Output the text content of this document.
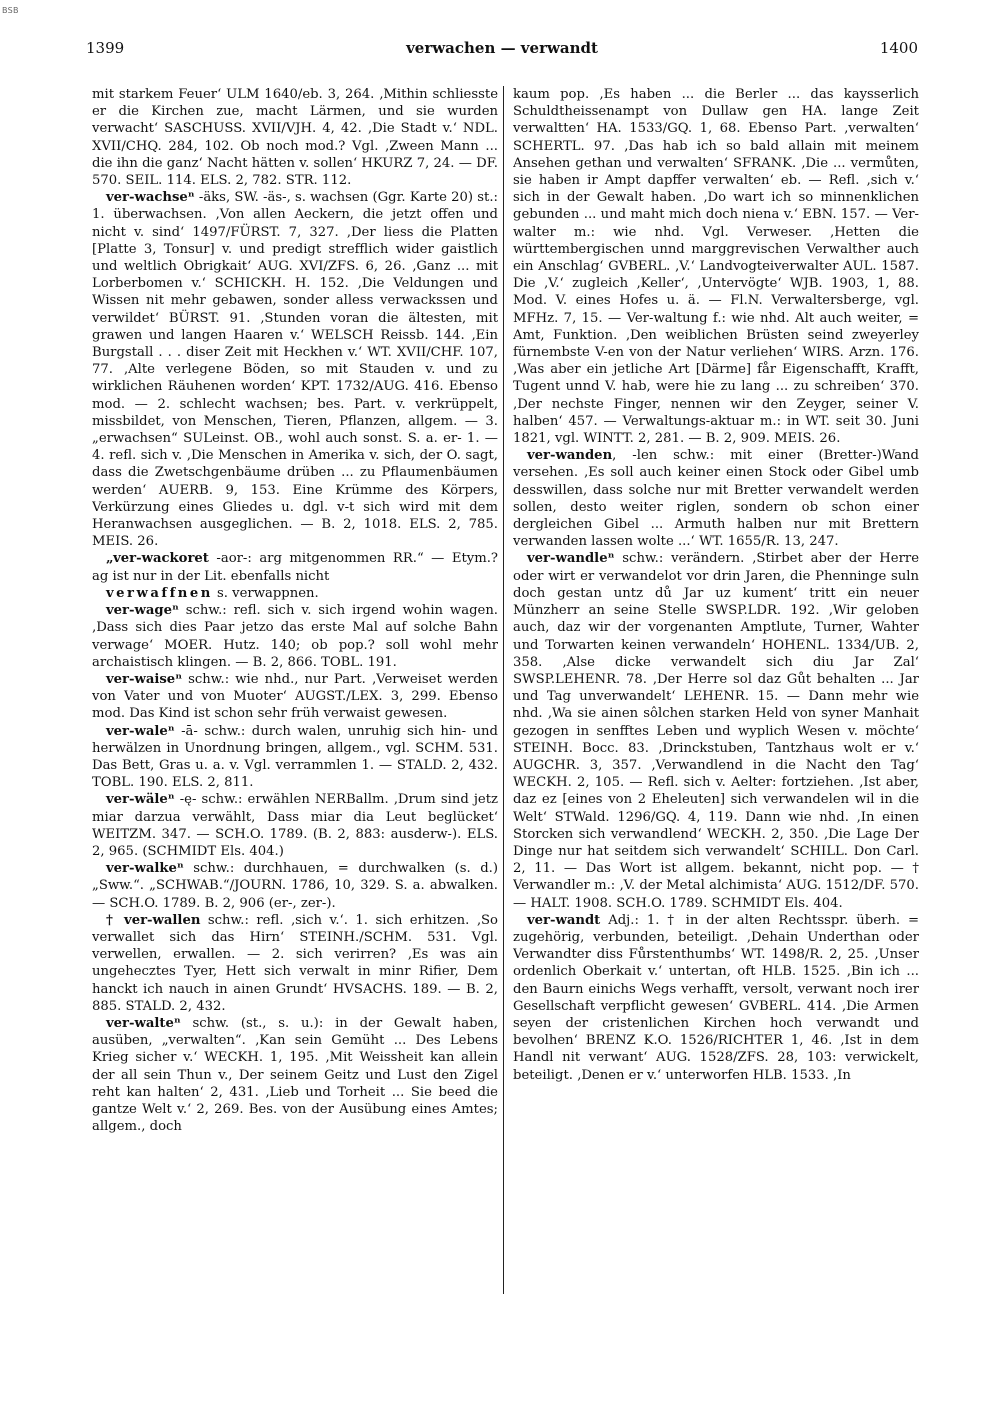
BSB
1399	verwachen — verwandt	1400

mit starkem Feuer‘ ULM 1640/eb. 3, 264. ‚Mithin schliesste er die Kirchen zue, macht Lärmen, und sie wurden verwacht‘ SASCHUSS. XVII/VJH. 4, 42. ‚Die Stadt v.‘ NDL. XVII/CHQ. 284, 102. Ob noch mod.? Vgl. ‚Zween Mann ... die ihn die ganz‘ Nacht hätten v. sollen‘ HKURZ 7, 24. — DF. 570. SEIL. 114. ELS. 2, 782. STR. 112.

ver-wachseⁿ -äks, SW. -äs-, s. wachsen (Ggr. Karte 20) st.: 1. überwachsen. ‚Von allen Aeckern, die jetzt offen und nicht v. sind‘ 1497/FÜRST. 7, 327. ‚Der liess die Platten [Platte 3, Tonsur] v. und predigt strefflich wider gaistlich und weltlich Obrigkait‘ AUG. XVI/ZFS. 6, 26. ‚Ganz ... mit Lorberbomen v.‘ SCHICKH. H. 152. ‚Die Veldungen und Wissen nit mehr gebawen, sonder alless verwackssen und verwildet‘ BÜRST. 91. ‚Stunden voran die ältesten, mit grawen und langen Haaren v.‘ WELSCH Reissb. 144. ‚Ein Burgstall . . . diser Zeit mit Heckhen v.‘ WT. XVII/CHF. 107, 77. ‚Alte verlegene Böden, so mit Stauden v. und zu wirklichen Räuhenen worden‘ KPT. 1732/AUG. 416. Ebenso mod. — 2. schlecht wachsen; bes. Part. v. verkrüppelt, missbildet, von Menschen, Tieren, Pflanzen, allgem. — 3. „erwachsen“ SULeinst. OB., wohl auch sonst. S. a. er- 1. — 4. refl. sich v. ‚Die Menschen in Amerika v. sich, der O. sagt, dass die Zwetschgenbäume drüben ... zu Pflaumenbäumen werden‘ AUERB. 9, 153. Eine Krümme des Körpers, Verkürzung eines Gliedes u. dgl. v-t sich wird mit dem Heranwachsen ausgeglichen. — B. 2, 1018. ELS. 2, 785. MEIS. 26.

„ver-wackoret -aor-: arg mitgenommen RR.“ — Etym.? ag ist nur in der Lit. ebenfalls nicht

verwaffnen s. verwappnen.

ver-wageⁿ schw.: refl. sich v. sich irgend wohin wagen. ‚Dass sich dies Paar jetzo das erste Mal auf solche Bahn verwage‘ MOER. Hutz. 140; ob pop.? soll wohl mehr archaistisch klingen. — B. 2, 866. TOBL. 191.

ver-waiseⁿ schw.: wie nhd., nur Part. ‚Verweiset werden von Vater und von Muoter‘ AUGST./LEX. 3, 299. Ebenso mod. Das Kind ist schon sehr früh verwaist gewesen.

ver-waleⁿ -ā- schw.: durch walen, unruhig sich hin- und herwälzen in Unordnung bringen, allgem., vgl. SCHM. 531. Das Bett, Gras u. a. v. Vgl. verrammlen 1. — STALD. 2, 432. TOBL. 190. ELS. 2, 811.

ver-wäleⁿ -ę- schw.: erwählen NERBallm. ‚Drum sind jetz miar darzua verwählt, Dass miar dia Leut beglücket‘ WEITZM. 347. — SCH.O. 1789. (B. 2, 883: ausderw-). ELS. 2, 965. (SCHMIDT Els. 404.)

ver-walkeⁿ schw.: durchhauen, = durchwalken (s. d.) „Sww.“. „SCHWAB.“/JOURN. 1786, 10, 329. S. a. abwalken. — SCH.O. 1789. B. 2, 906 (er-, zer-).

† ver-wallen schw.: refl. ‚sich v.‘. 1. sich erhitzen. ‚So verwallet sich das Hirn‘ STEINH./SCHM. 531. Vgl. verwellen, erwallen. — 2. sich verirren? ‚Es was ain ungehecztes Tyer, Hett sich verwalt in minr Rifier, Dem hanckt ich nauch in ainen Grundt‘ HVSACHS. 189. — B. 2, 885. STALD. 2, 432.

ver-walteⁿ schw. (st., s. u.): in der Gewalt haben, ausüben, „verwalten“. ‚Kan sein Gemüht ... Des Lebens Krieg sicher v.‘ WECKH. 1, 195. ‚Mit Weissheit kan allein der all sein Thun v., Der seinem Geitz und Lust den Zigel reht kan halten‘ 2, 431. ‚Lieb und Torheit ... Sie beed die gantze Welt v.‘ 2, 269. Bes. von der Ausübung eines Amtes; allgem., doch

kaum pop. ‚Es haben ... die Berler ... das kaysserlich Schuldtheissenampt von Dullaw gen HA. lange Zeit verwaltten‘ HA. 1533/GQ. 1, 68. Ebenso Part. ‚verwalten‘ SCHERTL. 97. ‚Das hab ich so bald allain mit meinem Ansehen gethan und verwalten‘ SFRANK. ‚Die ... vermůten, sie haben ir Ampt dapffer verwalten‘ eb. — Refl. ‚sich v.‘ sich in der Gewalt haben. ‚Do wart ich so minnenklichen gebunden ... und maht mich doch niena v.‘ EBN. 157. — Ver-walter m.: wie nhd. Vgl. Verweser. ‚Hetten die württembergischen unnd marggrevischen Verwalther auch ein Anschlag‘ GVBERL. ‚V.‘ Landvogteiverwalter AUL. 1587. Die ‚V.‘ zugleich ‚Keller‘, ‚Untervögte‘ WJB. 1903, 1, 88. Mod. V. eines Hofes u. ä. — Fl.N. Verwaltersberge, vgl. MFHz. 7, 15. — Ver-waltung f.: wie nhd. Alt auch weiter, = Amt, Funktion. ‚Den weiblichen Brüsten seind zweyerley fürnembste V-en von der Natur verliehen‘ WIRS. Arzn. 176. ‚Was aber ein jetliche Art [Därme] får Eigenschafft, Krafft, Tugent unnd V. hab, were hie zu lang ... zu schreiben‘ 370. ‚Der nechste Finger, nennen wir den Zeyger, seiner V. halben‘ 457. — Verwaltungs-aktuar m.: in WT. seit 30. Juni 1821, vgl. WINTT. 2, 281. — B. 2, 909. MEIS. 26.

ver-wanden, -len schw.: mit einer (Bretter-)Wand versehen. ‚Es soll auch keiner einen Stock oder Gibel umb desswillen, dass solche nur mit Bretter verwandelt werden sollen, desto weiter riglen, sondern ob schon einer dergleichen Gibel ... Armuth halben nur mit Brettern verwanden lassen wolte ...‘ WT. 1655/R. 13, 247.

ver-wandleⁿ schw.: verändern. ‚Stirbet aber der Herre oder wirt er verwandelot vor drin Jaren, die Phenninge suln doch gestan untz dů Jar uz kument‘ tritt ein neuer Münzherr an seine Stelle SWSP.LDR. 192. ‚Wir geloben auch, daz wir der vorgenanten Amptlute, Turner, Wahter und Torwarten keinen verwandeln‘ HOHENL. 1334/UB. 2, 358. ‚Alse dicke verwandelt sich diu Jar Zal‘ SWSP.LEHENR. 78. ‚Der Herre sol daz Gůt behalten ... Jar und Tag unverwandelt‘ LEHENR. 15. — Dann mehr wie nhd. ‚Wa sie ainen sôlchen starken Held von syner Manhait gezogen in senfftes Leben und wyplich Wesen v. möchte‘ STEINH. Bocc. 83. ‚Drinckstuben, Tantzhaus wolt er v.‘ AUGCHR. 3, 357. ‚Verwandlend in die Nacht den Tag‘ WECKH. 2, 105. — Refl. sich v. Aelter: fortziehen. ‚Ist aber, daz ez [eines von 2 Eheleuten] sich verwandelen wil in die Welt‘ STWald. 1296/GQ. 4, 119. Dann wie nhd. ‚In einen Storcken sich verwandlend‘ WECKH. 2, 350. ‚Die Lage Der Dinge nur hat seitdem sich verwandelt‘ SCHILL. Don Carl. 2, 11. — Das Wort ist allgem. bekannt, nicht pop. — † Verwandler m.: ‚V. der Metal alchimista‘ AUG. 1512/DF. 570. — HALT. 1908. SCH.O. 1789. SCHMIDT Els. 404.

ver-wandt Adj.: 1. † in der alten Rechtsspr. überh. = zugehörig, verbunden, beteiligt. ‚Dehain Underthan oder Verwandter diss Fůrstenthumbs‘ WT. 1498/R. 2, 25. ‚Unser ordenlich Oberkait v.‘ untertan, oft HLB. 1525. ‚Bin ich ... den Baurn einichs Wegs verhafft, versolt, verwant noch irer Gesellschaft verpflicht gewesen‘ GVBERL. 414. ‚Die Armen seyen der cristenlichen Kirchen hoch verwandt und bevolhen‘ BRENZ K.O. 1526/RICHTER 1, 46. ‚Ist in dem Handl nit verwant‘ AUG. 1528/ZFS. 28, 103: verwickelt, beteiligt. ‚Denen er v.‘ unterworfen HLB. 1533. ‚In
